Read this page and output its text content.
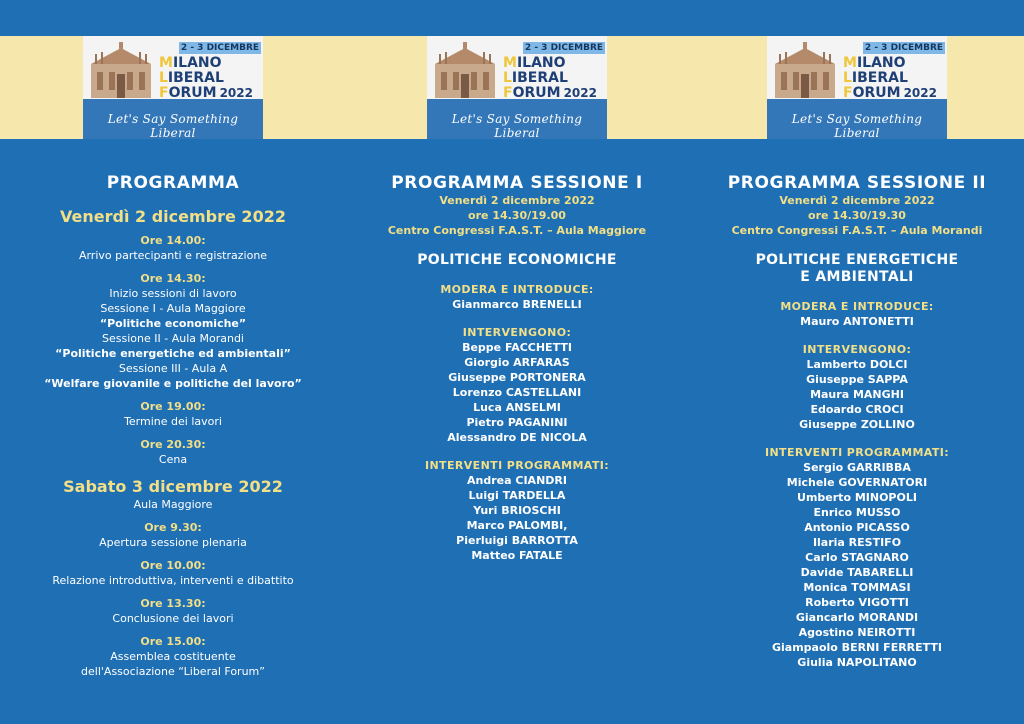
2 - 3 DICEMBRE
MILANO
LIBERAL
FORUM 2022
Let's Say Something Liberal
PROGRAMMA
Venerdì 2 dicembre 2022
Ore 14.00:
Arrivo partecipanti e registrazione
Ore 14.30:
Inizio sessioni di lavoro
Sessione I - Aula Maggiore
“Politiche economiche”
Sessione II - Aula Morandi
“Politiche energetiche ed ambientali”
Sessione III - Aula A
“Welfare giovanile e politiche del lavoro”
Ore 19.00:
Termine dei lavori
Ore 20.30:
Cena
Sabato 3 dicembre 2022
Aula Maggiore
Ore 9.30:
Apertura sessione plenaria
Ore 10.00:
Relazione introduttiva, interventi e dibattito
Ore 13.30:
Conclusione dei lavori
Ore 15.00:
Assemblea costituente
dell'Associazione “Liberal Forum”
2 - 3 DICEMBRE
MILANO
LIBERAL
FORUM 2022
Let's Say Something Liberal
PROGRAMMA SESSIONE I
Venerdì 2 dicembre 2022
ore 14.30/19.00
Centro Congressi F.A.S.T. – Aula Maggiore
POLITICHE ECONOMICHE
MODERA E INTRODUCE:
Gianmarco BRENELLI
INTERVENGONO:
Beppe FACCHETTI
Giorgio ARFARAS
Giuseppe PORTONERA
Lorenzo CASTELLANI
Luca ANSELMI
Pietro PAGANINI
Alessandro DE NICOLA
INTERVENTI PROGRAMMATI:
Andrea CIANDRI
Luigi TARDELLA
Yuri BRIOSCHI
Marco PALOMBI,
Pierluigi BARROTTA
Matteo FATALE
2 - 3 DICEMBRE
MILANO
LIBERAL
FORUM 2022
Let's Say Something Liberal
PROGRAMMA SESSIONE II
Venerdì 2 dicembre 2022
ore 14.30/19.30
Centro Congressi F.A.S.T. – Aula Morandi
POLITICHE ENERGETICHE
E AMBIENTALI
MODERA E INTRODUCE:
Mauro ANTONETTI
INTERVENGONO:
Lamberto DOLCI
Giuseppe SAPPA
Maura MANGHI
Edoardo CROCI
Giuseppe ZOLLINO
INTERVENTI PROGRAMMATI:
Sergio GARRIBBA
Michele GOVERNATORI
Umberto MINOPOLI
Enrico MUSSO
Antonio PICASSO
Ilaria RESTIFO
Carlo STAGNARO
Davide TABARELLI
Monica TOMMASI
Roberto VIGOTTI
Giancarlo MORANDI
Agostino NEIROTTI
Giampaolo BERNI FERRETTI
Giulia NAPOLITANO
